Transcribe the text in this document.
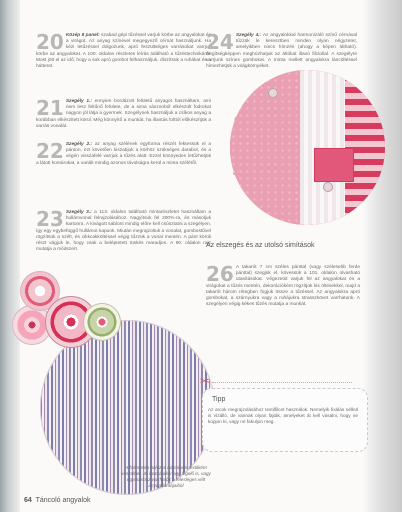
20 Közép 8 panel: szabad gépi tűzéssel varjuk körbe az angyalokat és a virágot. Az anyag színével megegyező cérnát használjunk. Ha kézi letűzéssel dolgozunk, apró feszültséges varrásokat varrjuk körbe az angyalokat. A 100. oldalon részletes leírás található a tűzéstechnikáról. Most jött el az idő, hogy a sok apró gombot felhasználjuk, díszítsük a ruhákat és a hátteret.
21 Szegély 1.: ennyien bordázott felületű anyagot használtam, ami nem lesz feltűnő felülete, de a sima vászonból elkészült fodrokat nagyon jól látja a gyermek. Szegélynek használjuk a csíkos anyag a korábban elkészített körül. Még könnyítő a munkát, ha illantás folttól előkészítjük a varrás vonalát.
22 Szegély 2.: az anyag szélének egyforma részét fektessük el a pánton, ezt követően kiszabjuk a körhöz szükséges darabot, és a végén visszafelé varrjuk a tűzés alatt. Ezzel könnyeden letűzhetjük a látott kontúrokat, a variált mindig azonos távolságra kerül a minta szélétől.
23 Szegély 3.: a 113. oldalon található mintarészletet használtam a hullámvonal felrajzolásához. Nagyítsuk fel 200%-ra, és másoljuk kartonra. A kivágott sablont mindig előre kell csúsztatni a szegélyen, így egy egybefüggő hullámot kapunk. Miután megrajzoltuk a vonalat, gombostűvel rögzítsük a szélt, és cikkcakköltéssel végig tűzzük a vonal mentén. A pánt körüli részt vágjuk le, hogy csak a beléptetett tüskés maradjon. A 90. oldalon rajz mutatja a módszert.
24 Szegély 4.: Az angyalokkal harmonizáló színű cérnával tűzzük le keresztben minden olyan négyzetet, amelyikben nincs hímzés (ahogy a képen látható). Segítségképpen meghúzhatjuk az átlókat illanó filctollal. A szegélyre varrjunk színes gombokat. A minta mellett angyalokra láncöltéssel hímezhetjük a virágkörnyéket.
Az elszegés és az utolsó simítások
26 A takarót 7 cm széles pánttal (vagy szélesebb ferde pánttal) szegjük el, kövessük a 101. oldalon olvasható utasításokat. Végezetül varjuk fel az angyalokat és a virágokat a tűzés mentén, dekorációként rögzítjük kis öltésekkel, majd a takarót három rétegben fogjuk össze a tűzéssel. Az angyalokra apró gombokat, a szárnyukra vagy a ruhájukra strasszkövet varrhatunk. A szegélyen végig kékes tűzés mutatja a munkát.
✂
Tipp
Az arcok megrajzolásához textilfilcet használok. Nemelyik fixálás nélkül is vízálló, de vannak olyan fajták, amelyeket át kell vasalni, hogy ne kopjon ki, vagy ne fakuljon meg.
A folimunka hálózva bármilyen textilként készülhet. Jó hozzá okér egy legelő is, vagy egymáshoz varrhatók a felesleges vélt anyagdarabjaiból
64 Táncoló angyalok
